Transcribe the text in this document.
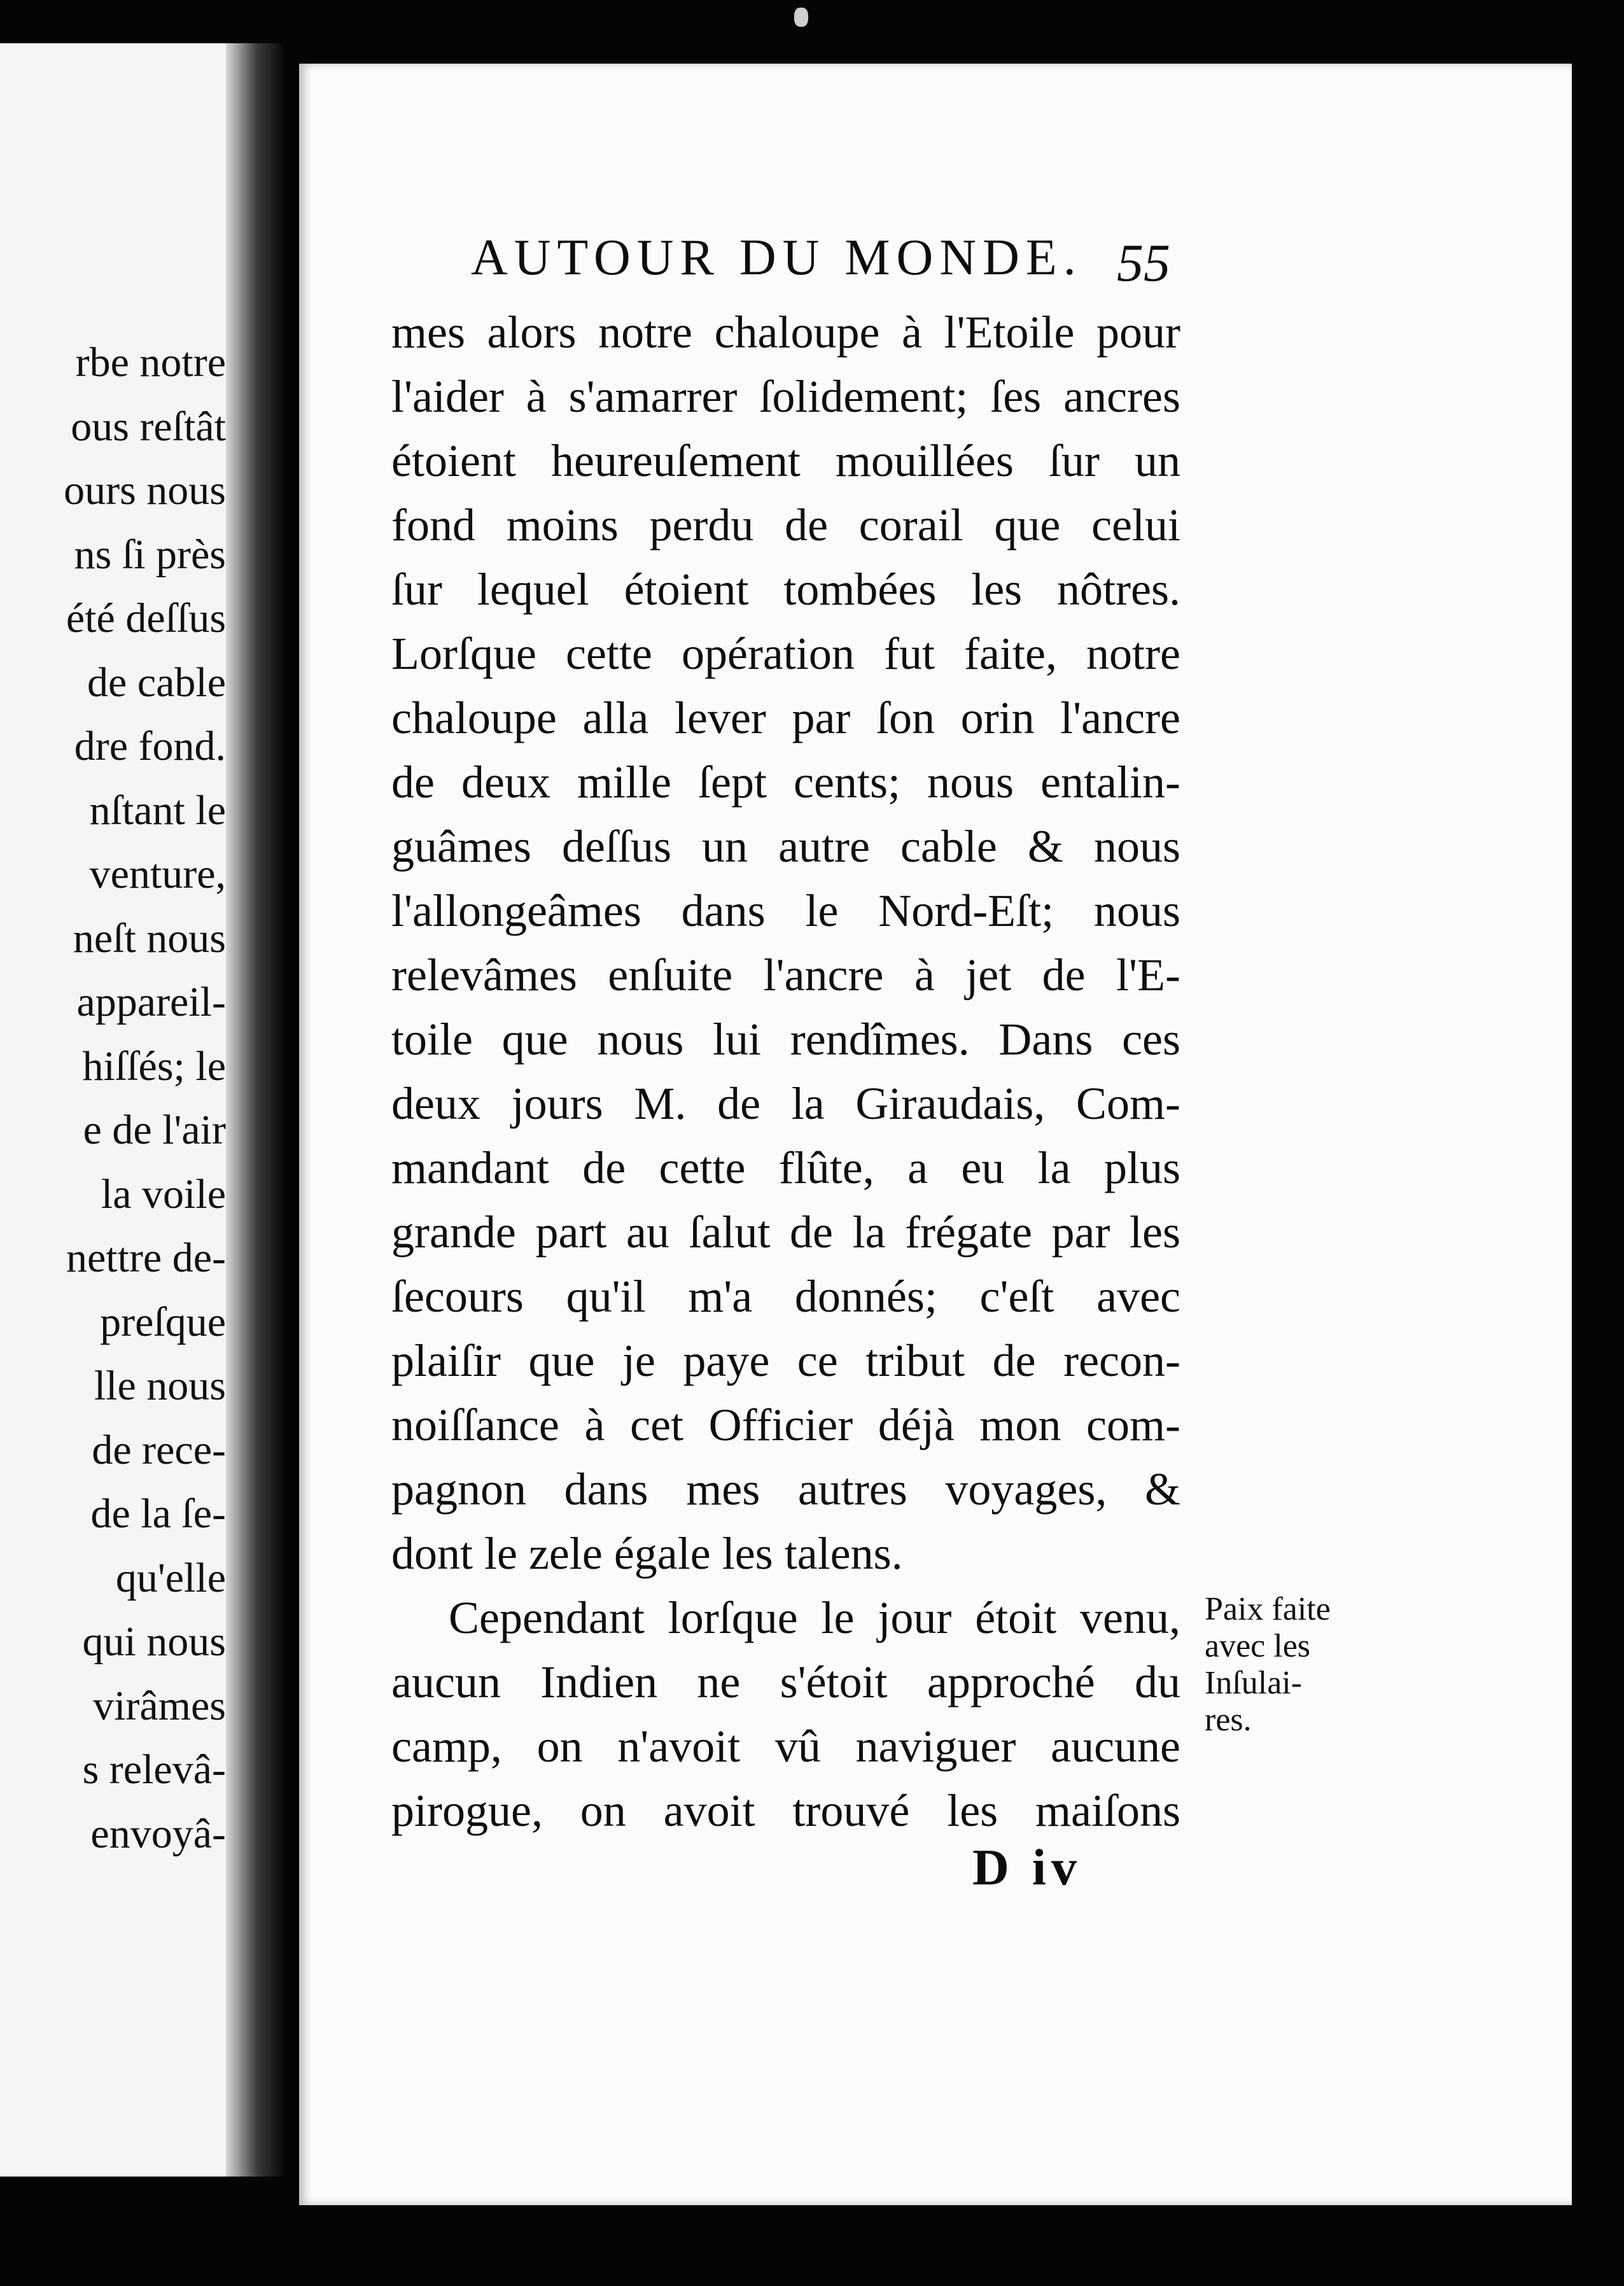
rbe notre
ous reſtât
ours nous
ns ſi près
été deſſus
de cable
dre fond.
nſtant le
venture,
neſt nous
appareil-
hiſſés; le
e de l'air
la voile
nettre de-
preſque
lle nous
de rece-
de la ſe-
qu'elle
qui nous
virâmes
s relevâ-
envoyâ-
AUTOUR DU MONDE. 55
mes alors notre chaloupe à l'Etoile pour
l'aider à s'amarrer ſolidement; ſes ancres
étoient heureuſement mouillées ſur un
fond moins perdu de corail que celui
ſur lequel étoient tombées les nôtres.
Lorſque cette opération fut faite, notre
chaloupe alla lever par ſon orin l'ancre
de deux mille ſept cents; nous entalin-
guâmes deſſus un autre cable & nous
l'allongeâmes dans le Nord-Eſt; nous
relevâmes enſuite l'ancre à jet de l'E-
toile que nous lui rendîmes. Dans ces
deux jours M. de la Giraudais, Com-
mandant de cette flûte, a eu la plus
grande part au ſalut de la frégate par les
ſecours qu'il m'a donnés; c'eſt avec
plaiſir que je paye ce tribut de recon-
noiſſance à cet Officier déjà mon com-
pagnon dans mes autres voyages, &
dont le zele égale les talens.
Cependant lorſque le jour étoit venu,
aucun Indien ne s'étoit approché du
camp, on n'avoit vû naviguer aucune
pirogue, on avoit trouvé les maiſons
Paix faite
avec les
Inſulai-
res.
D iv
